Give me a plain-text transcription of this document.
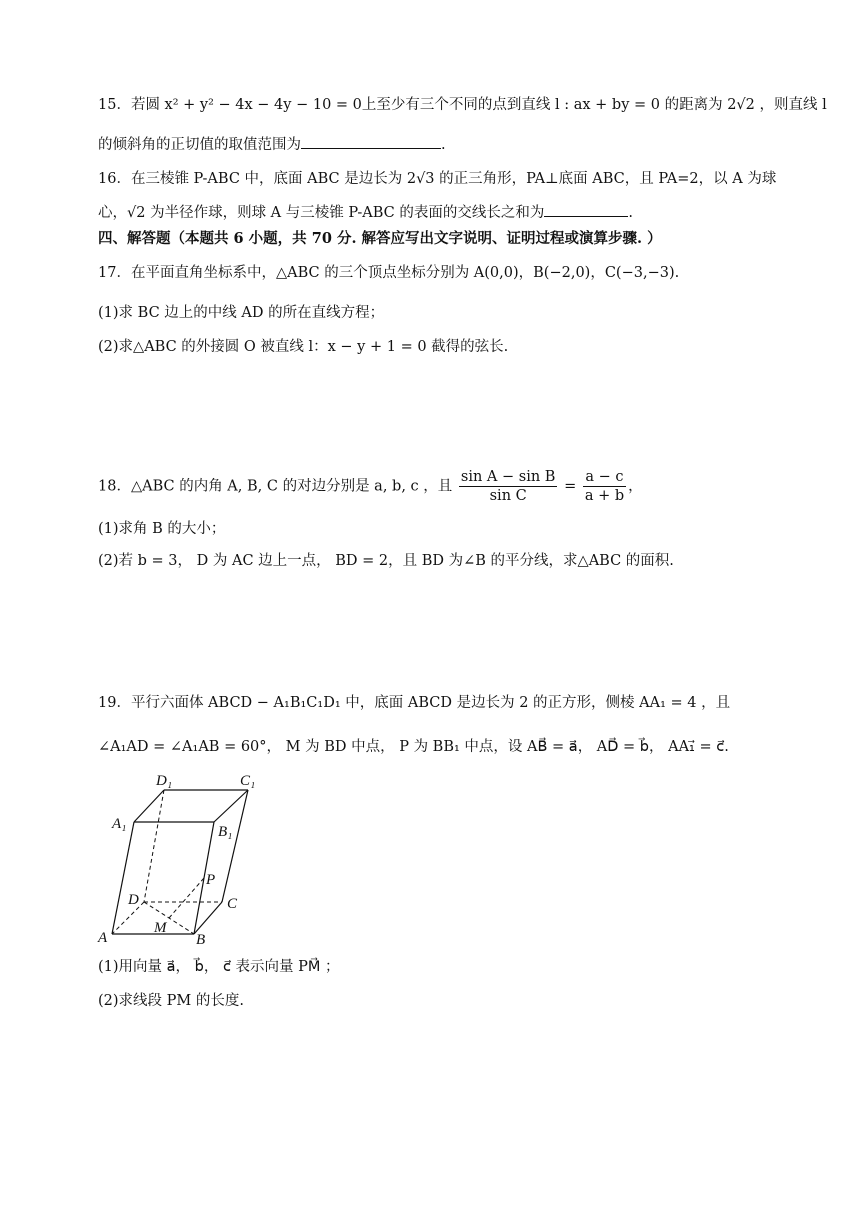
15．若圆 x² + y² − 4x − 4y − 10 = 0上至少有三个不同的点到直线 l : ax + by = 0 的距离为 2√2 ，则直线 l
的倾斜角的正切值的取值范围为	.
16．在三棱锥 P-ABC 中，底面 ABC 是边长为 2√3 的正三角形，PA⊥底面 ABC，且 PA=2，以 A 为球
心，√2 为半径作球，则球 A 与三棱锥 P-ABC 的表面的交线长之和为	.
四、解答题（本题共 6 小题，共 70 分. 解答应写出文字说明、证明过程或演算步骤. ）
17．在平面直角坐标系中，△ABC 的三个顶点坐标分别为 A(0,0)，B(−2,0)，C(−3,−3).
(1)求 BC 边上的中线 AD 的所在直线方程；
(2)求△ABC 的外接圆 O 被直线 l：x − y + 1 = 0 截得的弦长.
18．△ABC 的内角 A, B, C 的对边分别是 a, b, c ，且 $\frac{\text{sin A − sin B}}{\text{sin C}} = \frac{a - c}{a + b}$ ，
(1)求角 B 的大小；
(2)若 b = 3， D 为 AC 边上一点， BD = 2，且 BD 为∠B 的平分线，求△ABC 的面积.
19．平行六面体 ABCD − A₁B₁C₁D₁ 中，底面 ABCD 是边长为 2 的正方形，侧棱 AA₁ = 4 ，且
∠A₁AD = ∠A₁AB = 60°， M 为 BD 中点， P 为 BB₁ 中点，设 AB⃗ = a⃗， AD⃗ = b⃗， AA₁⃗ = c⃗.
D₁	C₁
A₁	B₁
P
D	C
M
A	B
(1)用向量 a⃗， b⃗， c⃗ 表示向量 PM⃗ ；
(2)求线段 PM 的长度.
